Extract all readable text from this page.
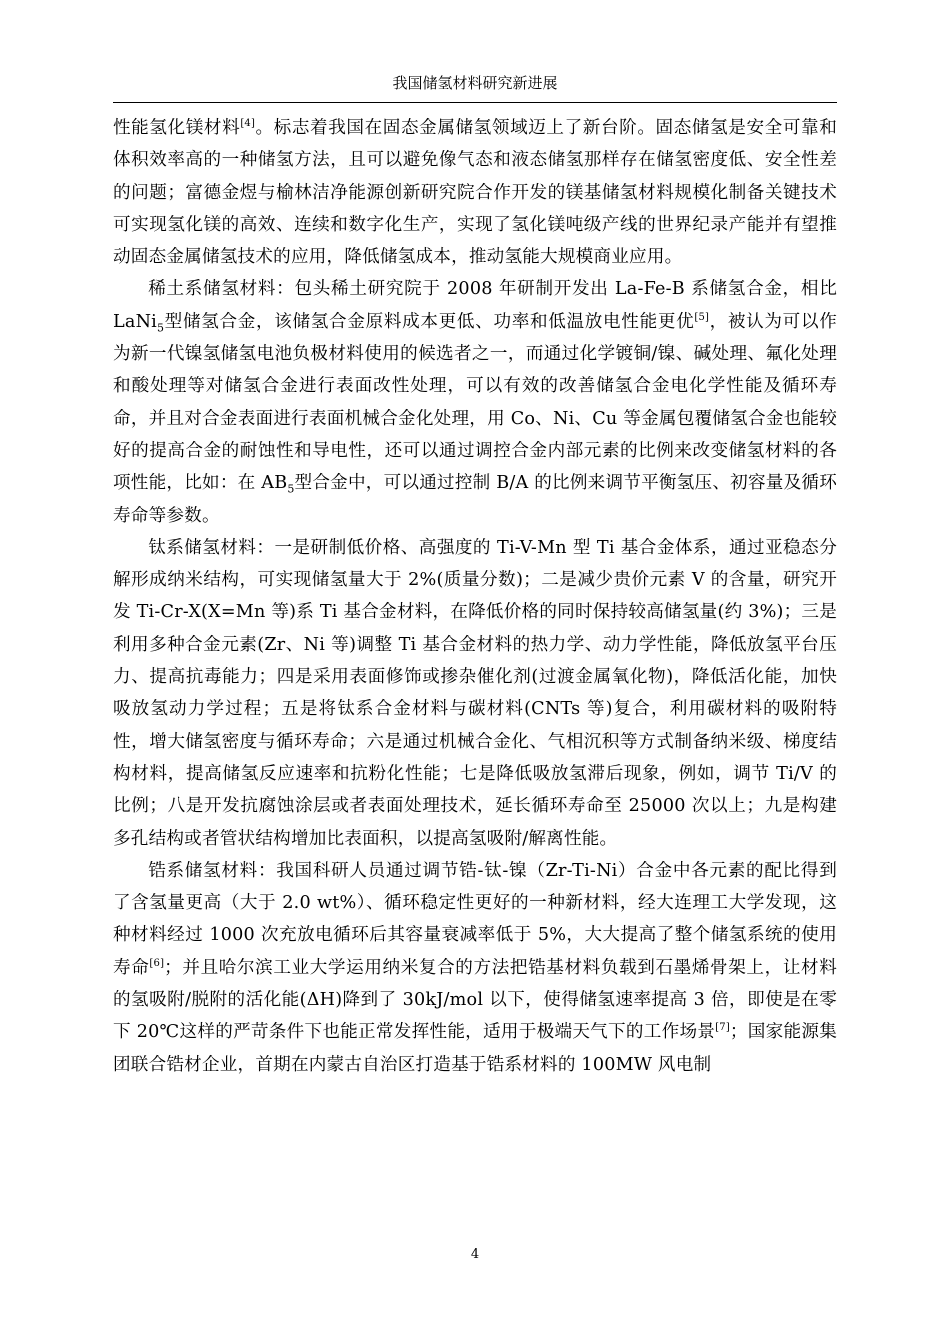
我国储氢材料研究新进展

性能氢化镁材料[4]。标志着我国在固态金属储氢领域迈上了新台阶。固态储氢是安全可靠和体积效率高的一种储氢方法，且可以避免像气态和液态储氢那样存在储氢密度低、安全性差的问题；富德金煜与榆林洁净能源创新研究院合作开发的镁基储氢材料规模化制备关键技术可实现氢化镁的高效、连续和数字化生产，实现了氢化镁吨级产线的世界纪录产能并有望推动固态金属储氢技术的应用，降低储氢成本，推动氢能大规模商业应用。

稀土系储氢材料：包头稀土研究院于 2008 年研制开发出 La-Fe-B 系储氢合金，相比 LaNi$_5$型储氢合金，该储氢合金原料成本更低、功率和低温放电性能更优[5]，被认为可以作为新一代镍氢储氢电池负极材料使用的候选者之一，而通过化学镀铜/镍、碱处理、氟化处理和酸处理等对储氢合金进行表面改性处理，可以有效的改善储氢合金电化学性能及循环寿命，并且对合金表面进行表面机械合金化处理，用 Co、Ni、Cu 等金属包覆储氢合金也能较好的提高合金的耐蚀性和导电性，还可以通过调控合金内部元素的比例来改变储氢材料的各项性能，比如：在 $AB_5$型合金中，可以通过控制 B/A 的比例来调节平衡氢压、初容量及循环寿命等参数。

钛系储氢材料：一是研制低价格、高强度的 Ti-V-Mn 型 Ti 基合金体系，通过亚稳态分解形成纳米结构，可实现储氢量大于 2%(质量分数)；二是减少贵价元素 V 的含量，研究开发 Ti-Cr-X(X=Mn 等)系 Ti 基合金材料，在降低价格的同时保持较高储氢量(约 3%)；三是利用多种合金元素(Zr、Ni 等)调整 Ti 基合金材料的热力学、动力学性能，降低放氢平台压力、提高抗毒能力；四是采用表面修饰或掺杂催化剂(过渡金属氧化物)，降低活化能，加快吸放氢动力学过程；五是将钛系合金材料与碳材料(CNTs 等)复合，利用碳材料的吸附特性，增大储氢密度与循环寿命；六是通过机械合金化、气相沉积等方式制备纳米级、梯度结构材料，提高储氢反应速率和抗粉化性能；七是降低吸放氢滞后现象，例如，调节 Ti/V 的比例；八是开发抗腐蚀涂层或者表面处理技术，延长循环寿命至 25000 次以上；九是构建多孔结构或者管状结构增加比表面积，以提高氢吸附/解离性能。

锆系储氢材料：我国科研人员通过调节锆-钛-镍（Zr-Ti-Ni）合金中各元素的配比得到了含氢量更高（大于 2.0 wt%）、循环稳定性更好的一种新材料，经大连理工大学发现，这种材料经过 1000 次充放电循环后其容量衰减率低于 5%，大大提高了整个储氢系统的使用寿命[6]；并且哈尔滨工业大学运用纳米复合的方法把锆基材料负载到石墨烯骨架上，让材料的氢吸附/脱附的活化能(ΔH)降到了 30kJ/mol 以下，使得储氢速率提高 3 倍，即使是在零下 20℃这样的严苛条件下也能正常发挥性能，适用于极端天气下的工作场景[7]；国家能源集团联合锆材企业，首期在内蒙古自治区打造基于锆系材料的 100MW 风电制

4
